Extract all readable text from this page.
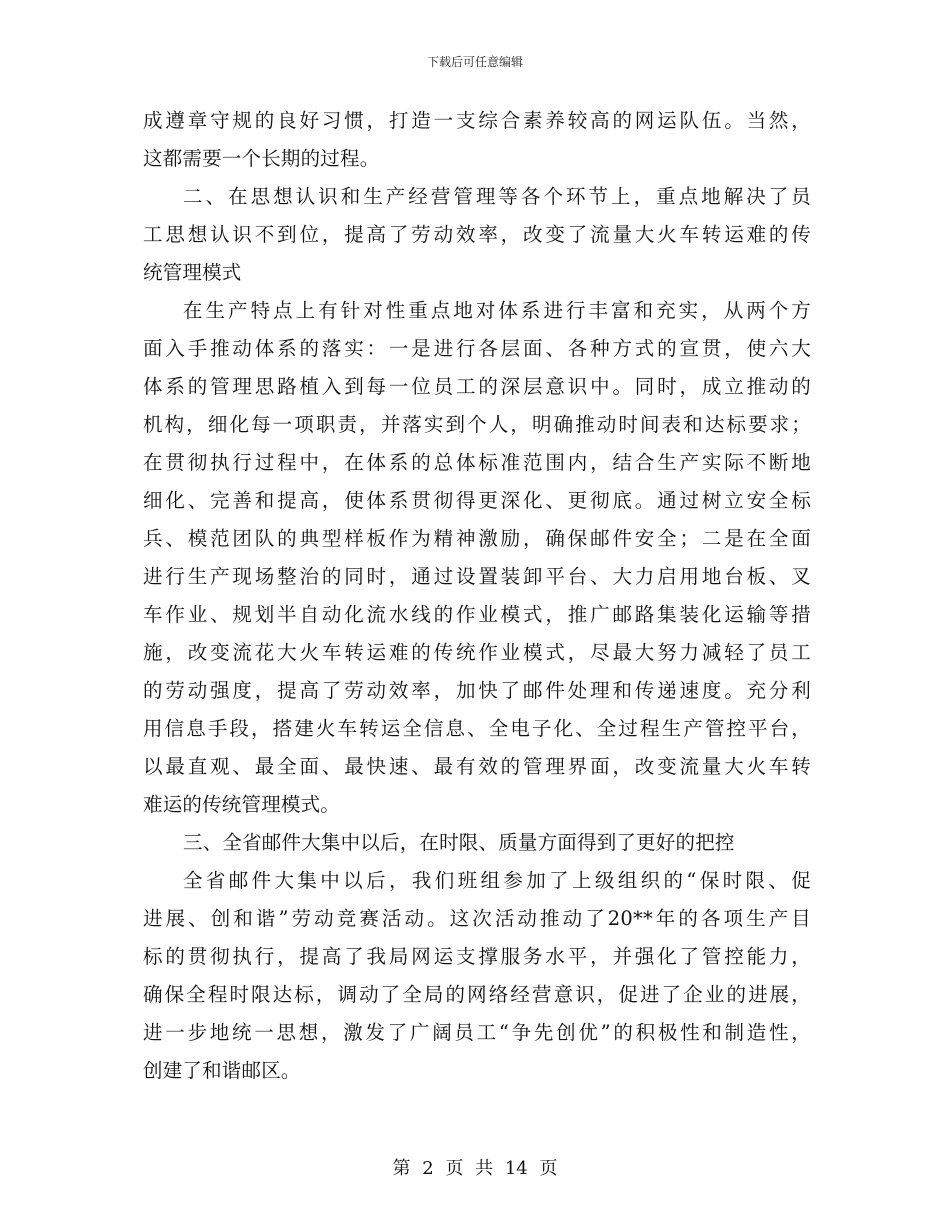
下载后可任意编辑
成遵章守规的良好习惯，打造一支综合素养较高的网运队伍。当然，
这都需要一个长期的过程。
二、在思想认识和生产经营管理等各个环节上，重点地解决了员
工思想认识不到位，提高了劳动效率，改变了流量大火车转运难的传
统管理模式
在生产特点上有针对性重点地对体系进行丰富和充实，从两个方
面入手推动体系的落实：一是进行各层面、各种方式的宣贯，使六大
体系的管理思路植入到每一位员工的深层意识中。同时，成立推动的
机构，细化每一项职责，并落实到个人，明确推动时间表和达标要求；
在贯彻执行过程中，在体系的总体标准范围内，结合生产实际不断地
细化、完善和提高，使体系贯彻得更深化、更彻底。通过树立安全标
兵、模范团队的典型样板作为精神激励，确保邮件安全；二是在全面
进行生产现场整治的同时，通过设置装卸平台、大力启用地台板、叉
车作业、规划半自动化流水线的作业模式，推广邮路集装化运输等措
施，改变流花大火车转运难的传统作业模式，尽最大努力减轻了员工
的劳动强度，提高了劳动效率，加快了邮件处理和传递速度。充分利
用信息手段，搭建火车转运全信息、全电子化、全过程生产管控平台，
以最直观、最全面、最快速、最有效的管理界面，改变流量大火车转
难运的传统管理模式。
三、全省邮件大集中以后，在时限、质量方面得到了更好的把控
全省邮件大集中以后，我们班组参加了上级组织的“保时限、促
进展、创和谐”劳动竞赛活动。这次活动推动了20**年的各项生产目
标的贯彻执行，提高了我局网运支撑服务水平，并强化了管控能力，
确保全程时限达标，调动了全局的网络经营意识，促进了企业的进展，
进一步地统一思想，激发了广阔员工“争先创优”的积极性和制造性，
创建了和谐邮区。
第 2 页 共 14 页
